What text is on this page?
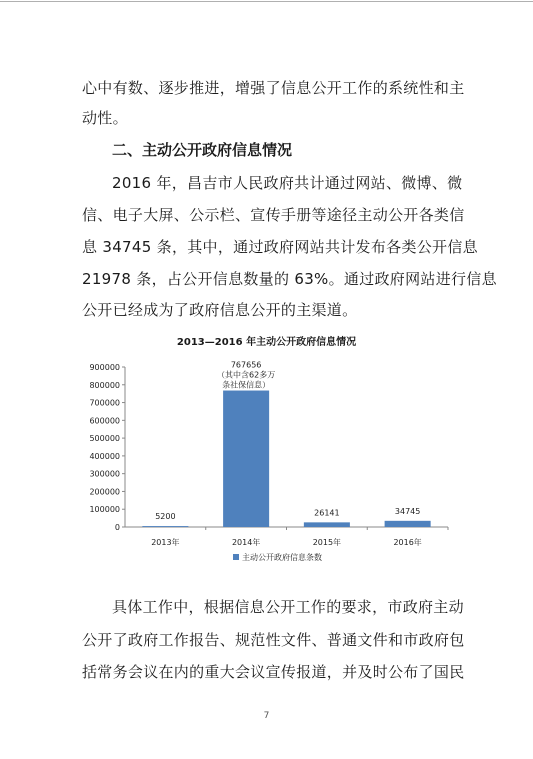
心中有数、逐步推进，增强了信息公开工作的系统性和主
动性。
二、主动公开政府信息情况
2016 年，昌吉市人民政府共计通过网站、微博、微
信、电子大屏、公示栏、宣传手册等途径主动公开各类信
息 34745 条，其中，通过政府网站共计发布各类公开信息
21978 条，占公开信息数量的 63%。通过政府网站进行信息
公开已经成为了政府信息公开的主渠道。
2013—2016 年主动公开政府信息情况
0
100000
200000
300000
400000
500000
600000
700000
800000
900000
2013年
5200
2014年
767656 （其中含62多万条社保信息）
2015年
26141
2016年
34745
主动公开政府信息条数
具体工作中，根据信息公开工作的要求，市政府主动
公开了政府工作报告、规范性文件、普通文件和市政府包
括常务会议在内的重大会议宣传报道，并及时公布了国民
7
